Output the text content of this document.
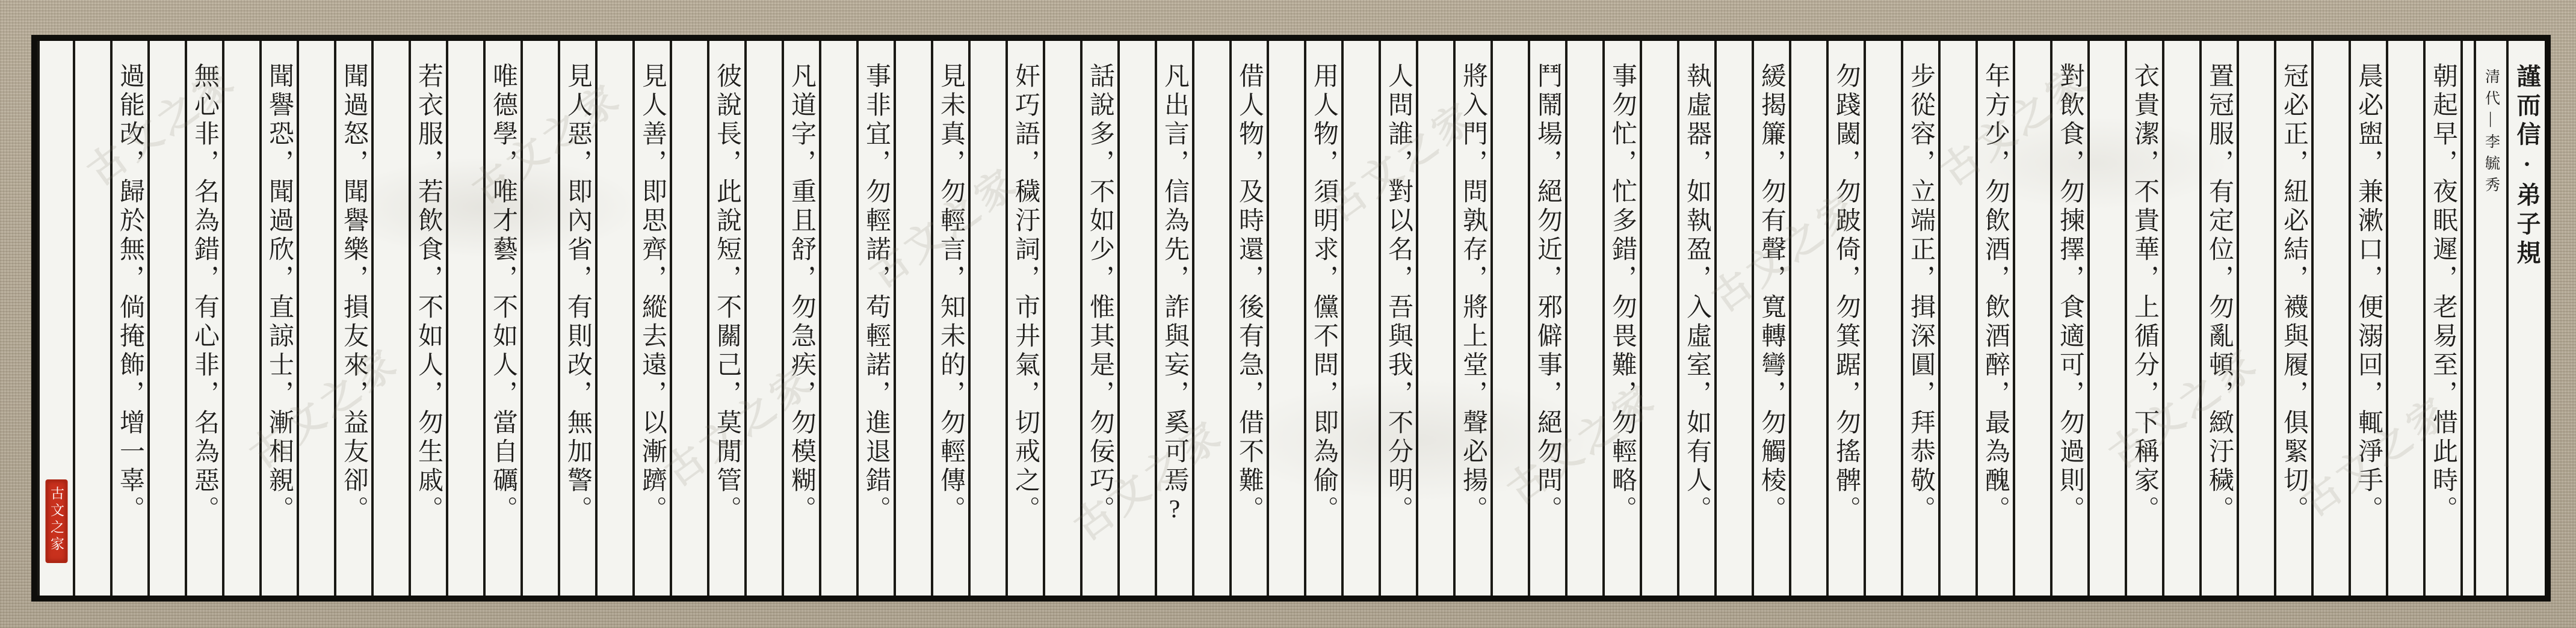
謹而信·弟子規
清代—李毓秀
朝起早，夜眠遲，老易至，惜此時。
晨必盥，兼漱口，便溺回，輒淨手。
冠必正，紐必結，襪與履，俱緊切。
置冠服，有定位，勿亂頓，緻汙穢。
衣貴潔，不貴華，上循分，下稱家。
對飲食，勿揀擇，食適可，勿過則。
年方少，勿飲酒，飲酒醉，最為醜。
步從容，立端正，揖深圓，拜恭敬。
勿踐閾，勿跛倚，勿箕踞，勿搖髀。
緩揭簾，勿有聲，寬轉彎，勿觸棱。
執虛器，如執盈，入虛室，如有人。
事勿忙，忙多錯，勿畏難，勿輕略。
鬥鬧場，絕勿近，邪僻事，絕勿問。
將入門，問孰存，將上堂，聲必揚。
人問誰，對以名，吾與我，不分明。
用人物，須明求，儻不問，即為偷。
借人物，及時還，後有急，借不難。
凡出言，信為先，詐與妄，奚可焉?
話說多，不如少，惟其是，勿佞巧。
奸巧語，穢汙詞，市井氣，切戒之。
見未真，勿輕言，知未的，勿輕傳。
事非宜，勿輕諾，苟輕諾，進退錯。
凡道字，重且舒，勿急疾，勿模糊。
彼說長，此說短，不關己，莫閒管。
見人善，即思齊，縱去遠，以漸躋。
見人惡，即內省，有則改，無加警。
唯德學，唯才藝，不如人，當自礪。
若衣服，若飲食，不如人，勿生戚。
聞過怒，聞譽樂，損友來，益友卻。
聞譽恐，聞過欣，直諒士，漸相親。
無心非，名為錯，有心非，名為惡。
過能改，歸於無，倘掩飾，增一辜。
古文之家
古文之家
古文之家
古文之家
古文之家
古文之家
古文之家
古文之家
古文之家
古文之家
古文之家
古文之家 古文之家
